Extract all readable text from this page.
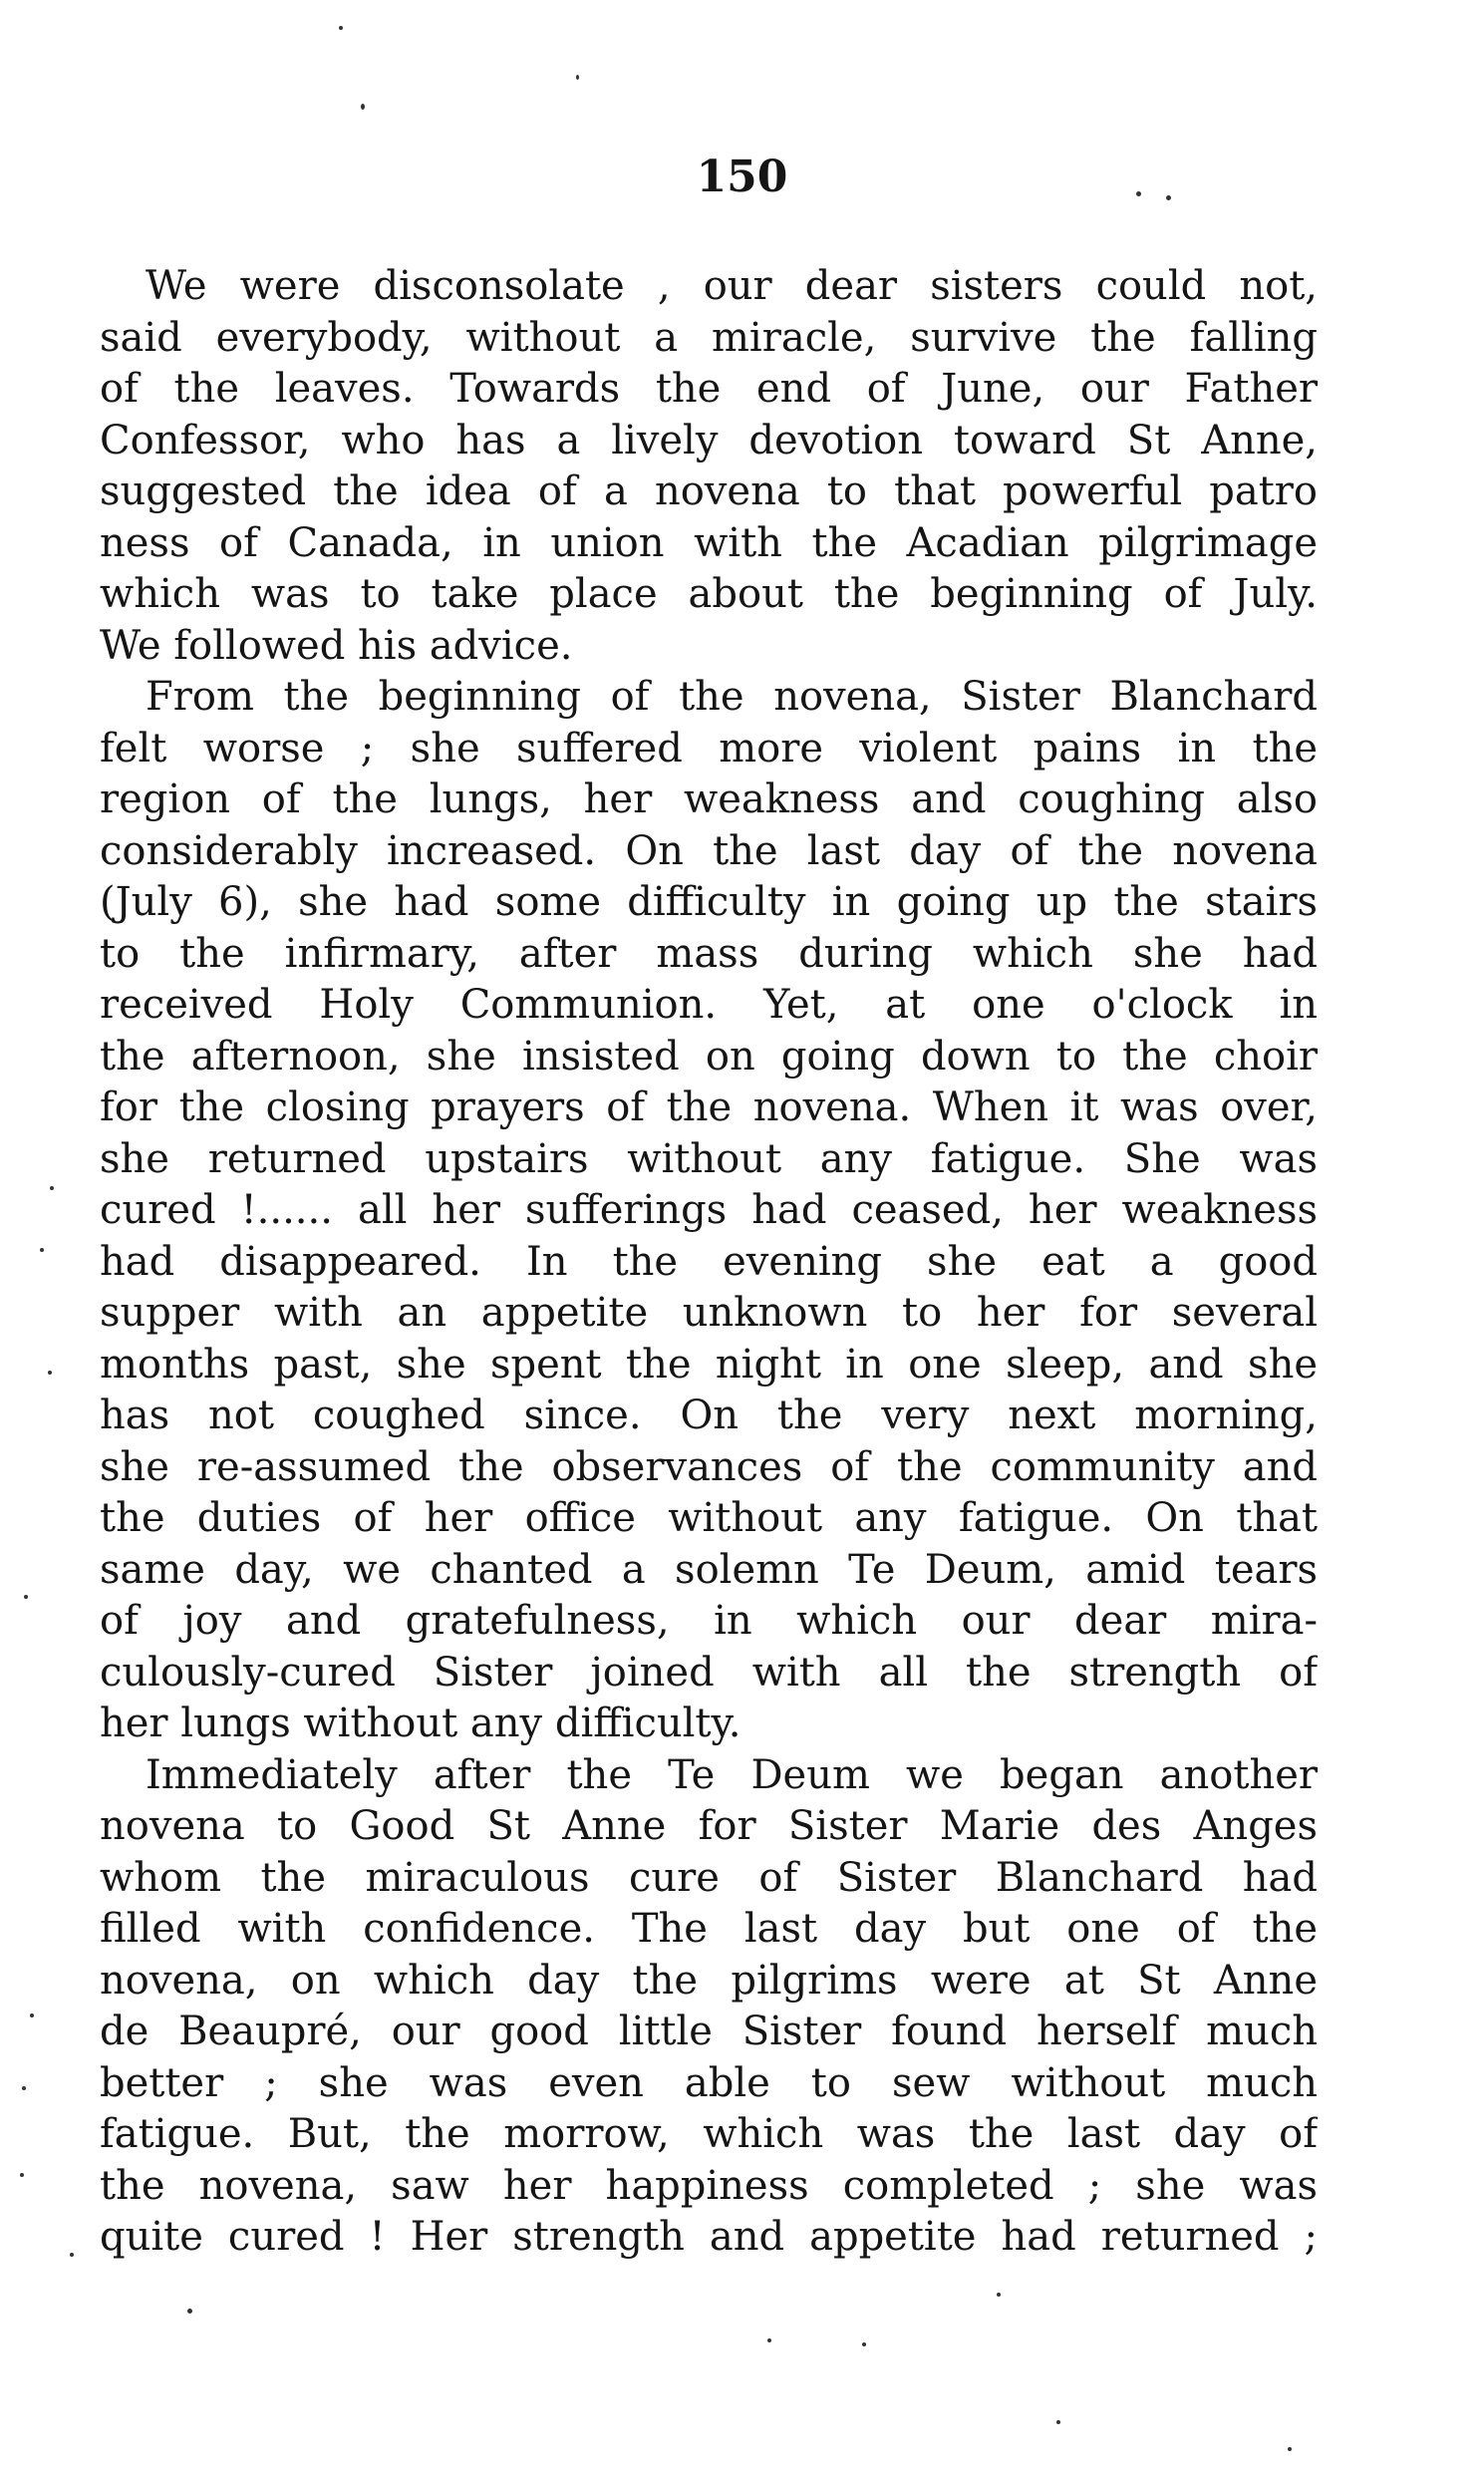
150
We were disconsolate , our dear sisters could not,
said everybody, without a miracle, survive the falling
of the leaves. Towards the end of June, our Father
Confessor, who has a lively devotion toward St Anne,
suggested the idea of a novena to that powerful patro
ness of Canada, in union with the Acadian pilgrimage
which was to take place about the beginning of July.
We followed his advice.
From the beginning of the novena, Sister Blanchard
felt worse ; she suffered more violent pains in the
region of the lungs, her weakness and coughing also
considerably increased. On the last day of the novena
(July 6), she had some difficulty in going up the stairs
to the infirmary, after mass during which she had
received Holy Communion. Yet, at one o'clock in
the afternoon, she insisted on going down to the choir
for the closing prayers of the novena. When it was over,
she returned upstairs without any fatigue. She was
cured !...... all her sufferings had ceased, her weakness
had disappeared. In the evening she eat a good
supper with an appetite unknown to her for several
months past, she spent the night in one sleep, and she
has not coughed since. On the very next morning,
she re-assumed the observances of the community and
the duties of her office without any fatigue. On that
same day, we chanted a solemn Te Deum, amid tears
of joy and gratefulness, in which our dear mira-
culously-cured Sister joined with all the strength of
her lungs without any difficulty.
Immediately after the Te Deum we began another
novena to Good St Anne for Sister Marie des Anges
whom the miraculous cure of Sister Blanchard had
filled with confidence. The last day but one of the
novena, on which day the pilgrims were at St Anne
de Beaupré, our good little Sister found herself much
better ; she was even able to sew without much
fatigue. But, the morrow, which was the last day of
the novena, saw her happiness completed ; she was
quite cured ! Her strength and appetite had returned ;
